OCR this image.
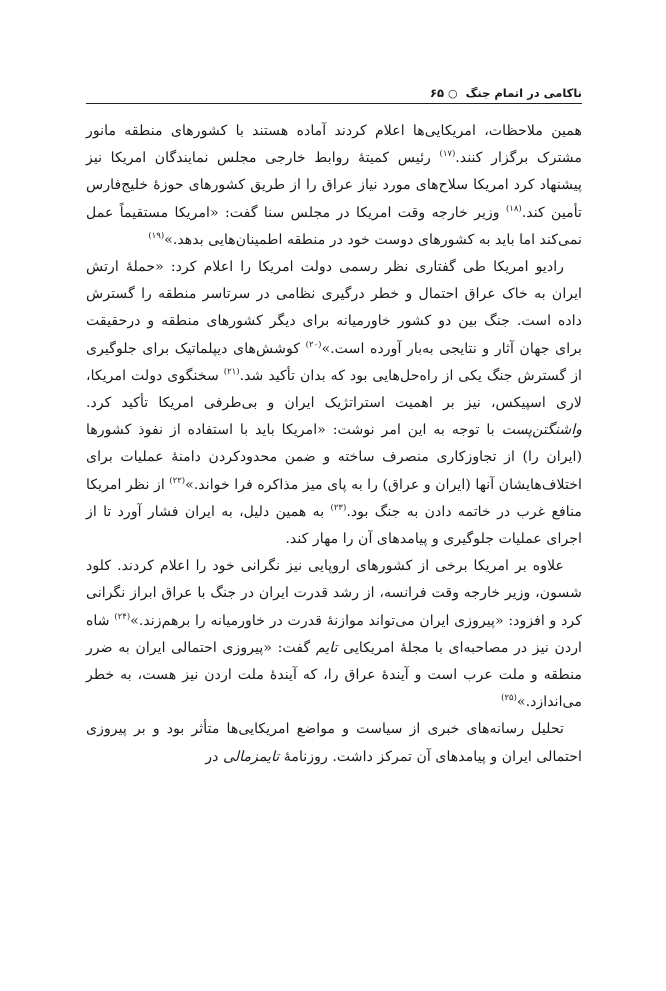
ناکامی در اتمام جنگ
○
۶۵

همین ملاحظات، امریکایی‌ها اعلام کردند آماده هستند با کشورهای منطقه مانور مشترک برگزار کنند.$^{(۱۷)}$ رئیس کمیتهٔ روابط خارجی مجلس نمایندگان امریکا نیز پیشنهاد کرد امریکا سلاح‌های مورد نیاز عراق را از طریق کشورهای حوزهٔ خلیج‌فارس تأمین کند.$^{(۱۸)}$ وزیر خارجه وقت امریکا در مجلس سنا گفت: «امریکا مستقیماً عمل نمی‌کند اما باید به کشورهای دوست خود در منطقه اطمینان‌هایی بدهد.»$^{(۱۹)}$

رادیو امریکا طی گفتاری نظر رسمی دولت امریکا را اعلام کرد: «حملهٔ ارتش ایران به خاک عراق احتمال و خطر درگیری نظامی در سرتاسر منطقه را گسترش داده است. جنگ بین دو کشور خاورمیانه برای دیگر کشورهای منطقه و درحقیقت برای جهان آثار و نتایجی به‌بار آورده است.»$^{(۲۰)}$ کوشش‌های دیپلماتیک برای جلوگیری از گسترش جنگ یکی از راه‌حل‌هایی بود که بدان تأکید شد.$^{(۲۱)}$ سخنگوی دولت امریکا، لاری اسپیکس، نیز بر اهمیت استراتژیک ایران و بی‌طرفی امریکا تأکید کرد. واشنگتن‌پست با توجه به این امر نوشت: «امریکا باید با استفاده از نفوذ کشورها (ایران را) از تجاوزکاری منصرف ساخته و ضمن محدودکردن دامنهٔ عملیات برای اختلاف‌هایشان آنها (ایران و عراق) را به پای میز مذاکره فرا خواند.»$^{(۲۲)}$ از نظر امریکا منافع غرب در خاتمه دادن به جنگ بود.$^{(۲۳)}$ به همین دلیل، به ایران فشار آورد تا از اجرای عملیات جلوگیری و پیامدهای آن را مهار کند.

علاوه بر امریکا برخی از کشورهای اروپایی نیز نگرانی خود را اعلام کردند. کلود شسون، وزیر خارجه وقت فرانسه، از رشد قدرت ایران در جنگ با عراق ابراز نگرانی کرد و افزود: «پیروزی ایران می‌تواند موازنهٔ قدرت در خاورمیانه را برهم‌زند.»$^{(۲۴)}$ شاه اردن نیز در مصاحبه‌ای با مجلهٔ امریکایی تایم گفت: «پیروزی احتمالی ایران به ضرر منطقه و ملت عرب است و آیندهٔ عراق را، که آیندهٔ ملت اردن نیز هست، به خطر می‌اندازد.»$^{(۲۵)}$

تحلیل رسانه‌های خبری از سیاست و مواضع امریکایی‌ها متأثر بود و بر پیروزی احتمالی ایران و پیامدهای آن تمرکز داشت. روزنامهٔ تایمز‌مالی در
